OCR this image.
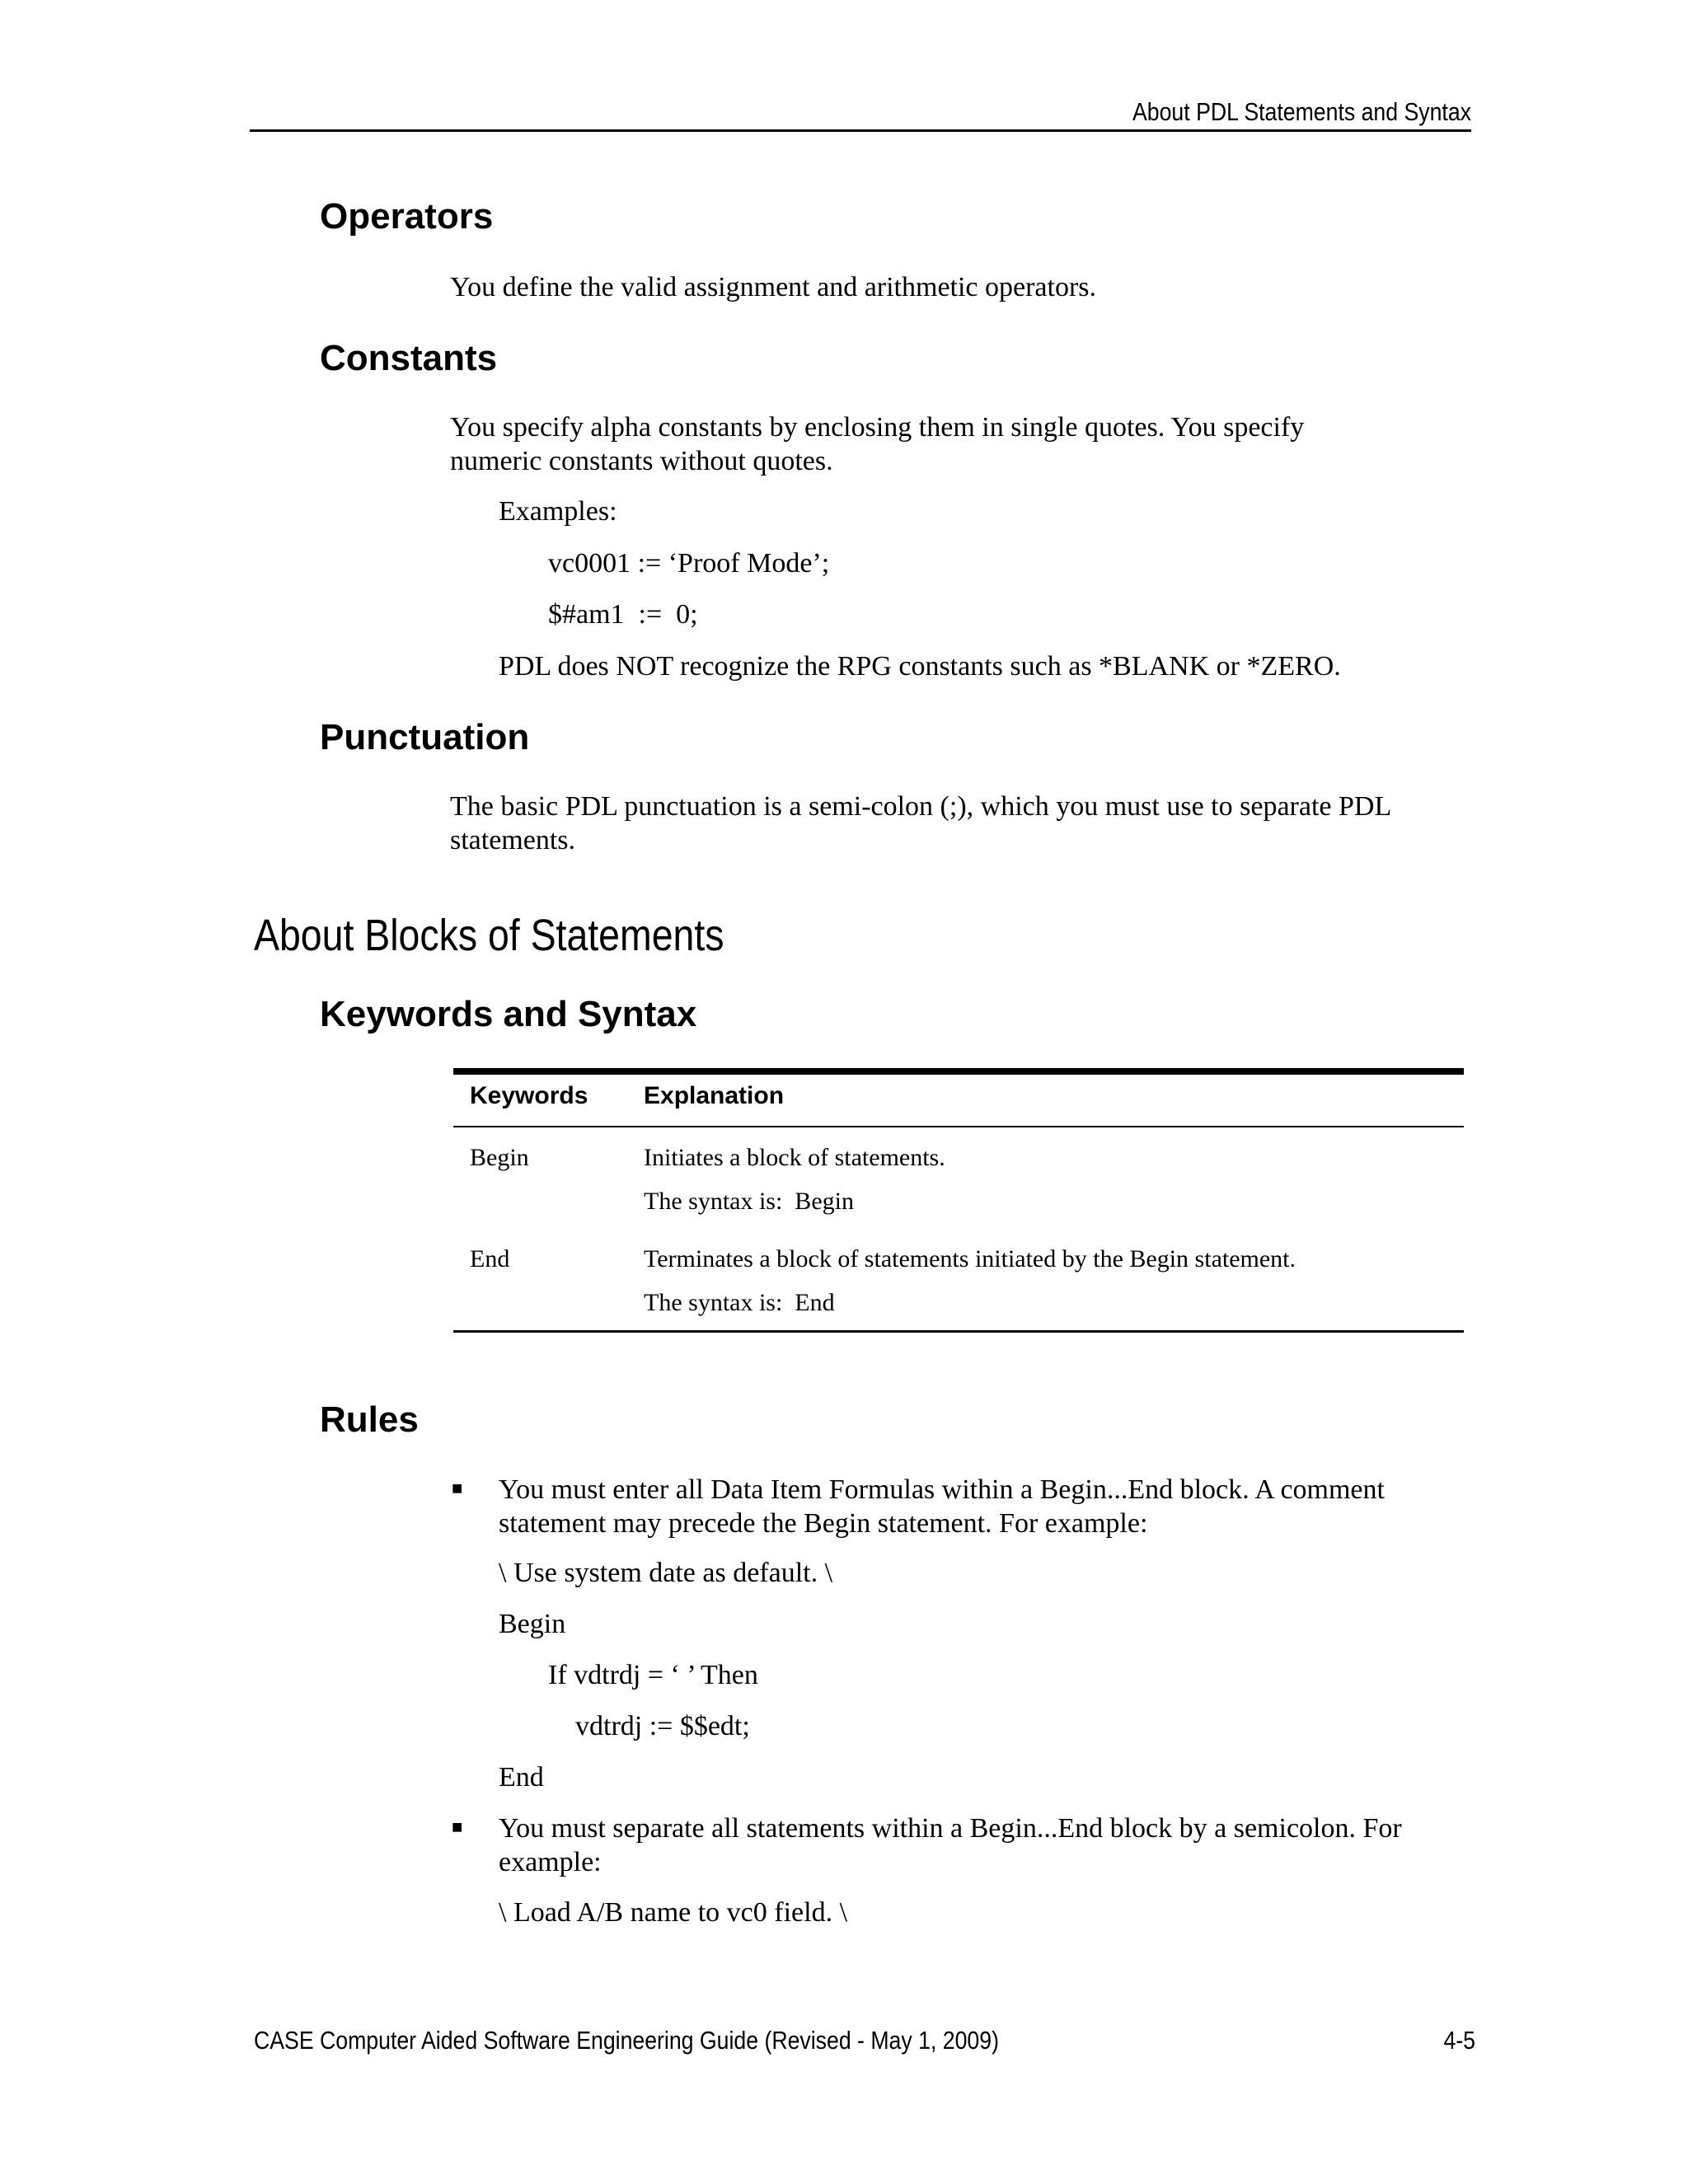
About PDL Statements and Syntax
Operators
You define the valid assignment and arithmetic operators.
Constants
You specify alpha constants by enclosing them in single quotes. You specify
numeric constants without quotes.
Examples:
vc0001 := ‘Proof Mode’;
$#am1  :=  0;
PDL does NOT recognize the RPG constants such as *BLANK or *ZERO.
Punctuation
The basic PDL punctuation is a semi-colon (;), which you must use to separate PDL
statements.
About Blocks of Statements
Keywords and Syntax
Keywords Explanation
Begin	Initiates a block of statements.
The syntax is:  Begin
End	Terminates a block of statements initiated by the Begin statement.
The syntax is:  End
Rules
■ You must enter all Data Item Formulas within a Begin...End block. A comment
statement may precede the Begin statement. For example:
\ Use system date as default. \
Begin
If vdtrdj = ‘ ’ Then
vdtrdj := $$edt;
End
■ You must separate all statements within a Begin...End block by a semicolon. For
example:
\ Load A/B name to vc0 field. \
CASE Computer Aided Software Engineering Guide (Revised - May 1, 2009)	4-5
